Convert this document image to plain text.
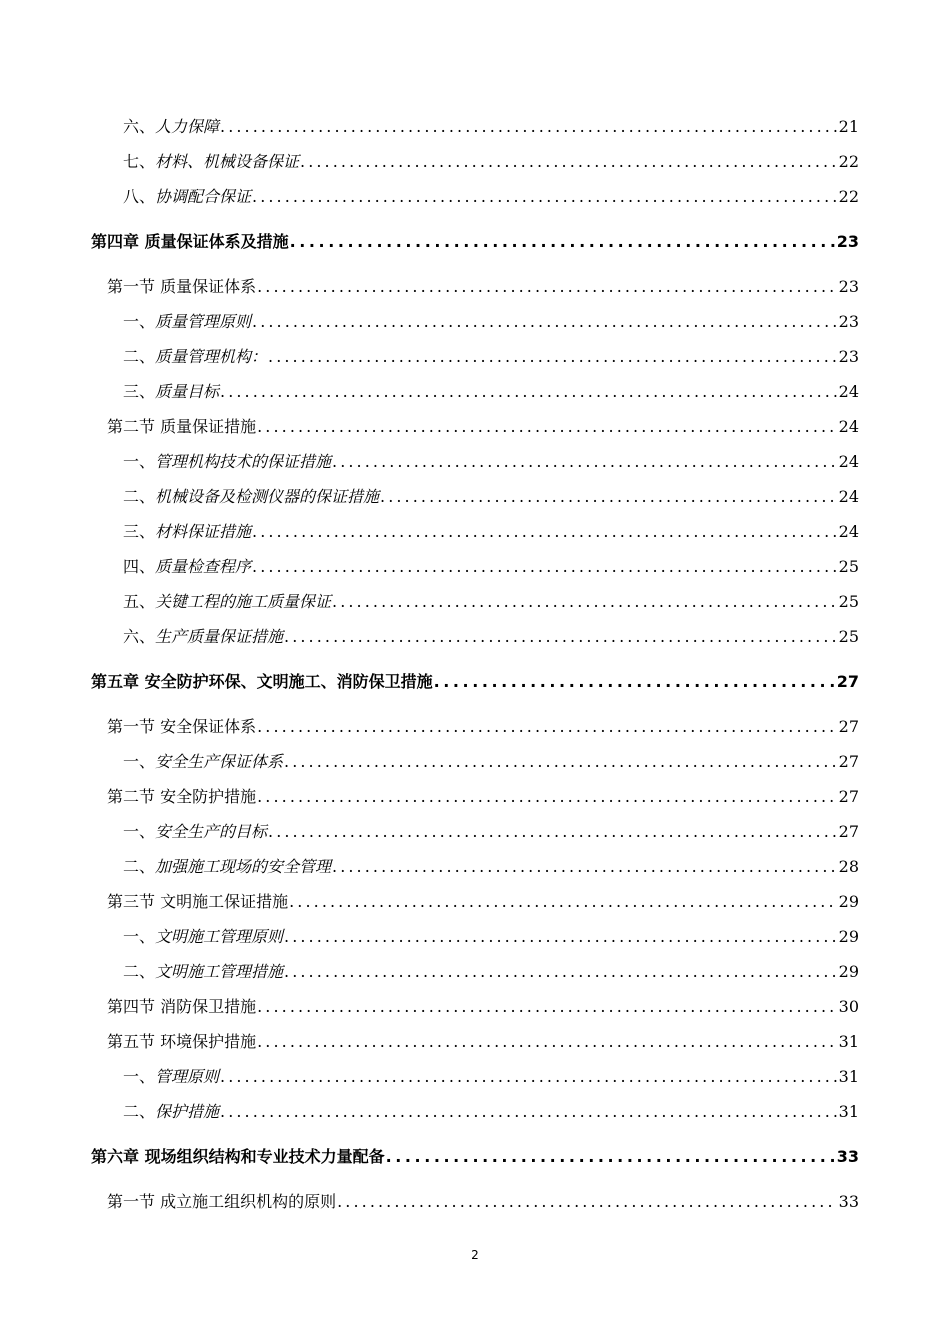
六、人力保障 . . .	21
七、材料、机械设备保证 . . .	22
八、协调配合保证 . . .	22
第四章 质量保证体系及措施 . . .	23
第一节 质量保证体系 . . .	23
一、质量管理原则 . . .	23
二、质量管理机构： . . .	23
三、质量目标 . . .	24
第二节 质量保证措施 . . .	24
一、管理机构技术的保证措施 . . .	24
二、机械设备及检测仪器的保证措施 . . .	24
三、材料保证措施 . . .	24
四、质量检查程序 . . .	25
五、关键工程的施工质量保证 . . .	25
六、生产质量保证措施 . . .	25
第五章 安全防护环保、文明施工、消防保卫措施 . . .	27
第一节 安全保证体系 . . .	27
一、安全生产保证体系 . . .	27
第二节 安全防护措施 . . .	27
一、安全生产的目标 . . .	27
二、加强施工现场的安全管理 . . .	28
第三节 文明施工保证措施 . . .	29
一、文明施工管理原则 . . .	29
二、文明施工管理措施 . . .	29
第四节 消防保卫措施 . . .	30
第五节 环境保护措施 . . .	31
一、管理原则 . . .	31
二、保护措施 . . .	31
第六章 现场组织结构和专业技术力量配备 . . .	33
第一节 成立施工组织机构的原则 . . .	33
2
